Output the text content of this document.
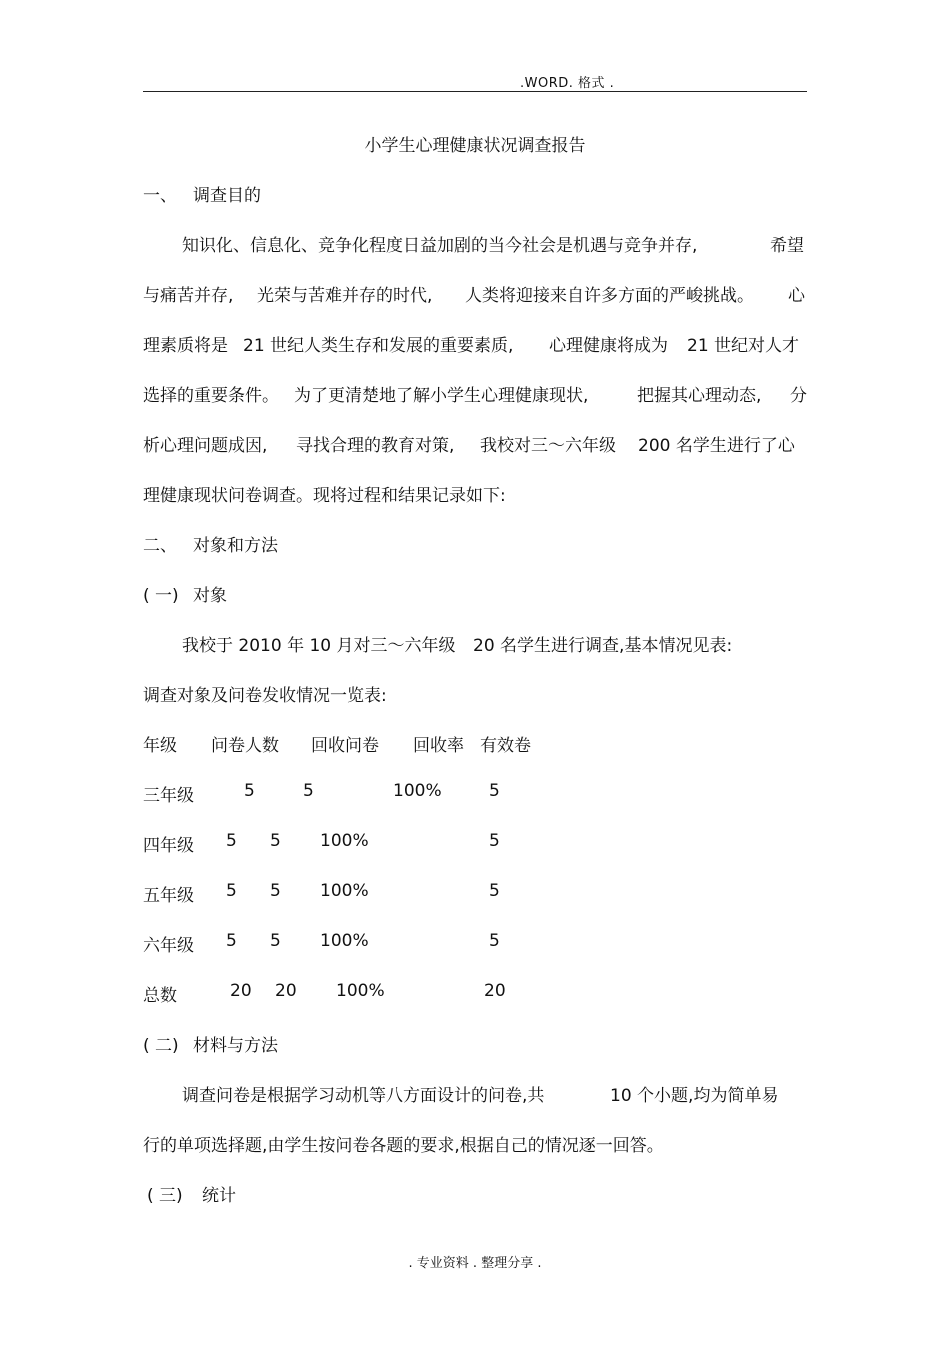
.WORD. 格式 .
小学生心理健康状况调查报告
一、 调查目的
知识化、信息化、竞争化程度日益加剧的当今社会是机遇与竞争并存,	希望
与痛苦并存, 光荣与苦难并存的时代, 人类将迎接来自许多方面的严峻挑战。 心
理素质将是 21 世纪人类生存和发展的重要素质, 心理健康将成为 21 世纪对人才
选择的重要条件。 为了更清楚地了解小学生心理健康现状,	把握其心理动态, 分
析心理问题成因, 寻找合理的教育对策, 我校对三～六年级 200 名学生进行了心
理健康现状问卷调查。现将过程和结果记录如下:
二、 对象和方法
( 一) 对象
我校于 2010 年 10 月对三～六年级 20 名学生进行调查,基本情况见表:
调查对象及问卷发收情况一览表:
年级 问卷人数 回收问卷 回收率 有效卷
三年级	5	5	100%	5
四年级 5 5 100%	5
五年级 5 5 100%	5
六年级 5 5 100%	5
总数	20 20 100%	20
( 二) 材料与方法
调查问卷是根据学习动机等八方面设计的问卷,共	10 个小题,均为简单易
行的单项选择题,由学生按问卷各题的要求,根据自己的情况逐一回答。
( 三) 统计
. 专业资料 . 整理分享 .
